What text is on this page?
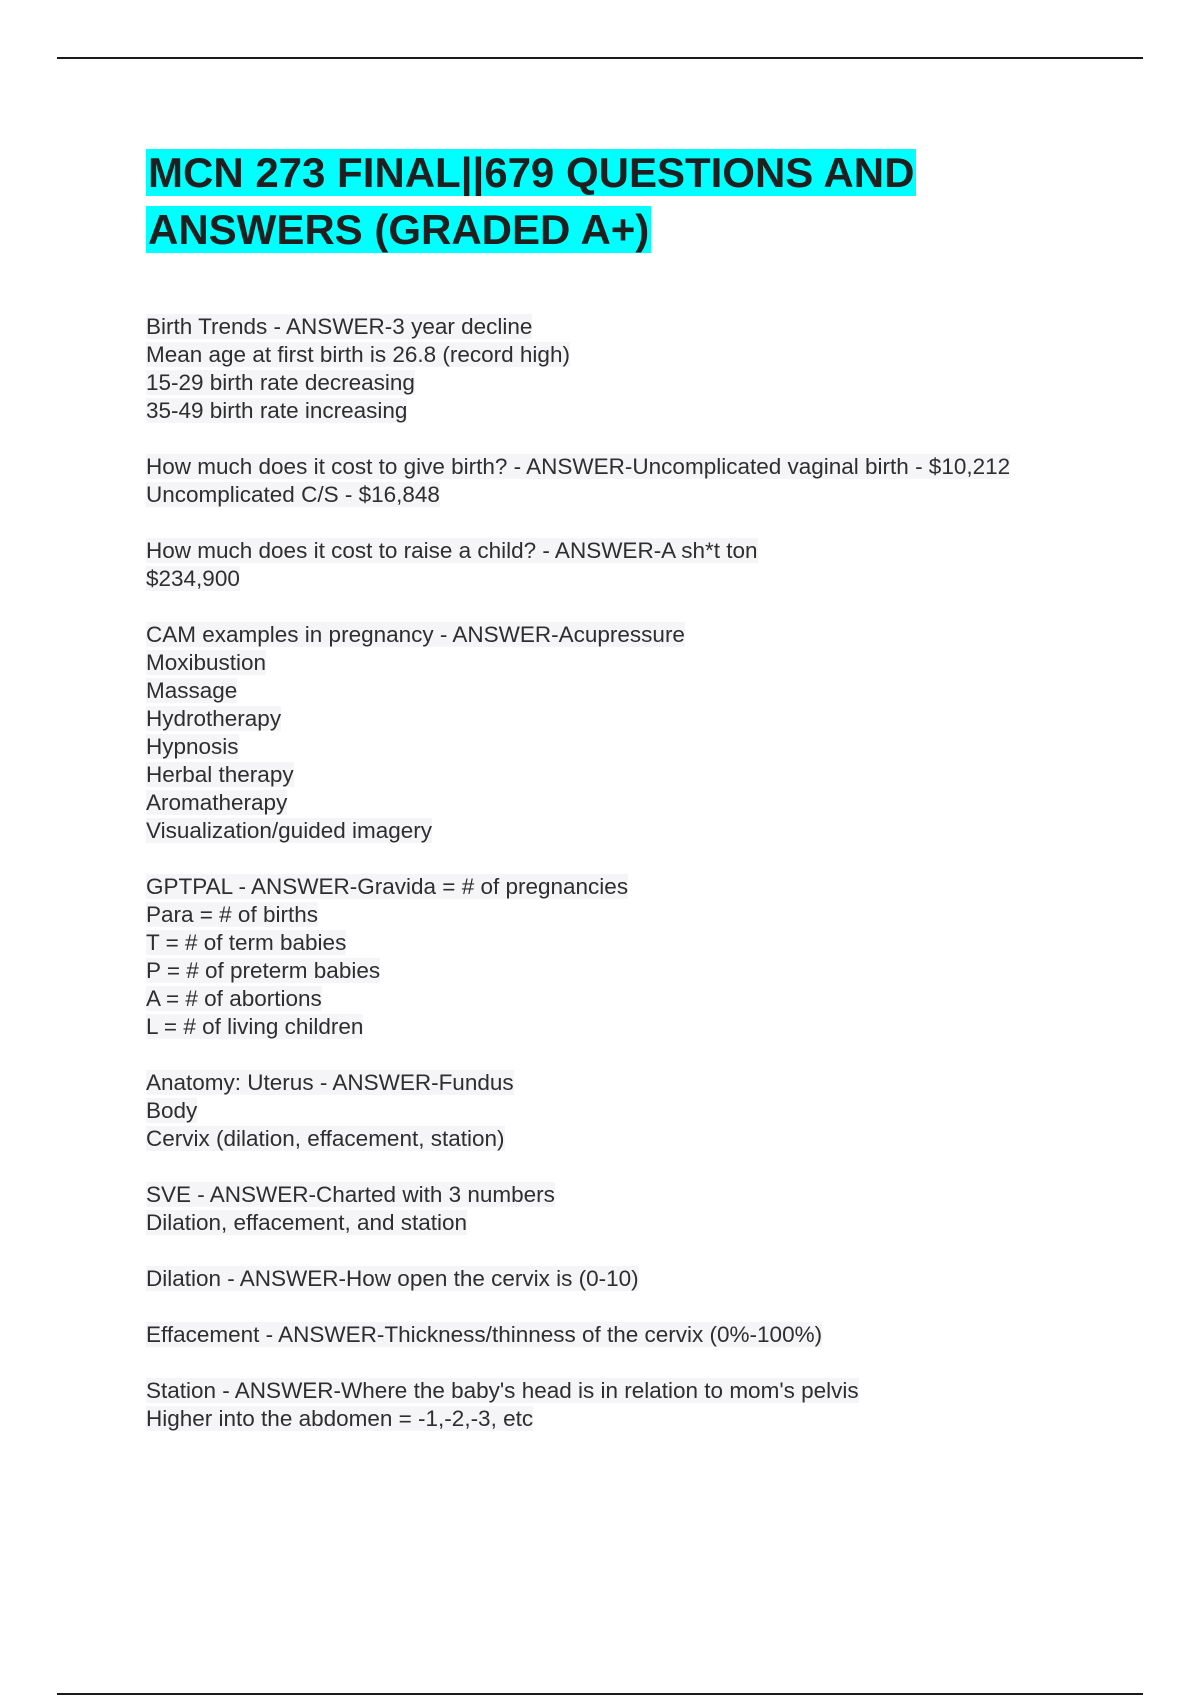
MCN 273 FINAL||679 QUESTIONS AND ANSWERS (GRADED A+)
Birth Trends - ANSWER-3 year decline
Mean age at first birth is 26.8 (record high)
15-29 birth rate decreasing
35-49 birth rate increasing
How much does it cost to give birth? - ANSWER-Uncomplicated vaginal birth - $10,212
Uncomplicated C/S - $16,848
How much does it cost to raise a child? - ANSWER-A sh*t ton
$234,900
CAM examples in pregnancy - ANSWER-Acupressure
Moxibustion
Massage
Hydrotherapy
Hypnosis
Herbal therapy
Aromatherapy
Visualization/guided imagery
GPTPAL - ANSWER-Gravida = # of pregnancies
Para = # of births
T = # of term babies
P = # of preterm babies
A = # of abortions
L = # of living children
Anatomy: Uterus - ANSWER-Fundus
Body
Cervix (dilation, effacement, station)
SVE - ANSWER-Charted with 3 numbers
Dilation, effacement, and station
Dilation - ANSWER-How open the cervix is (0-10)
Effacement - ANSWER-Thickness/thinness of the cervix (0%-100%)
Station - ANSWER-Where the baby's head is in relation to mom's pelvis
Higher into the abdomen = -1,-2,-3, etc
